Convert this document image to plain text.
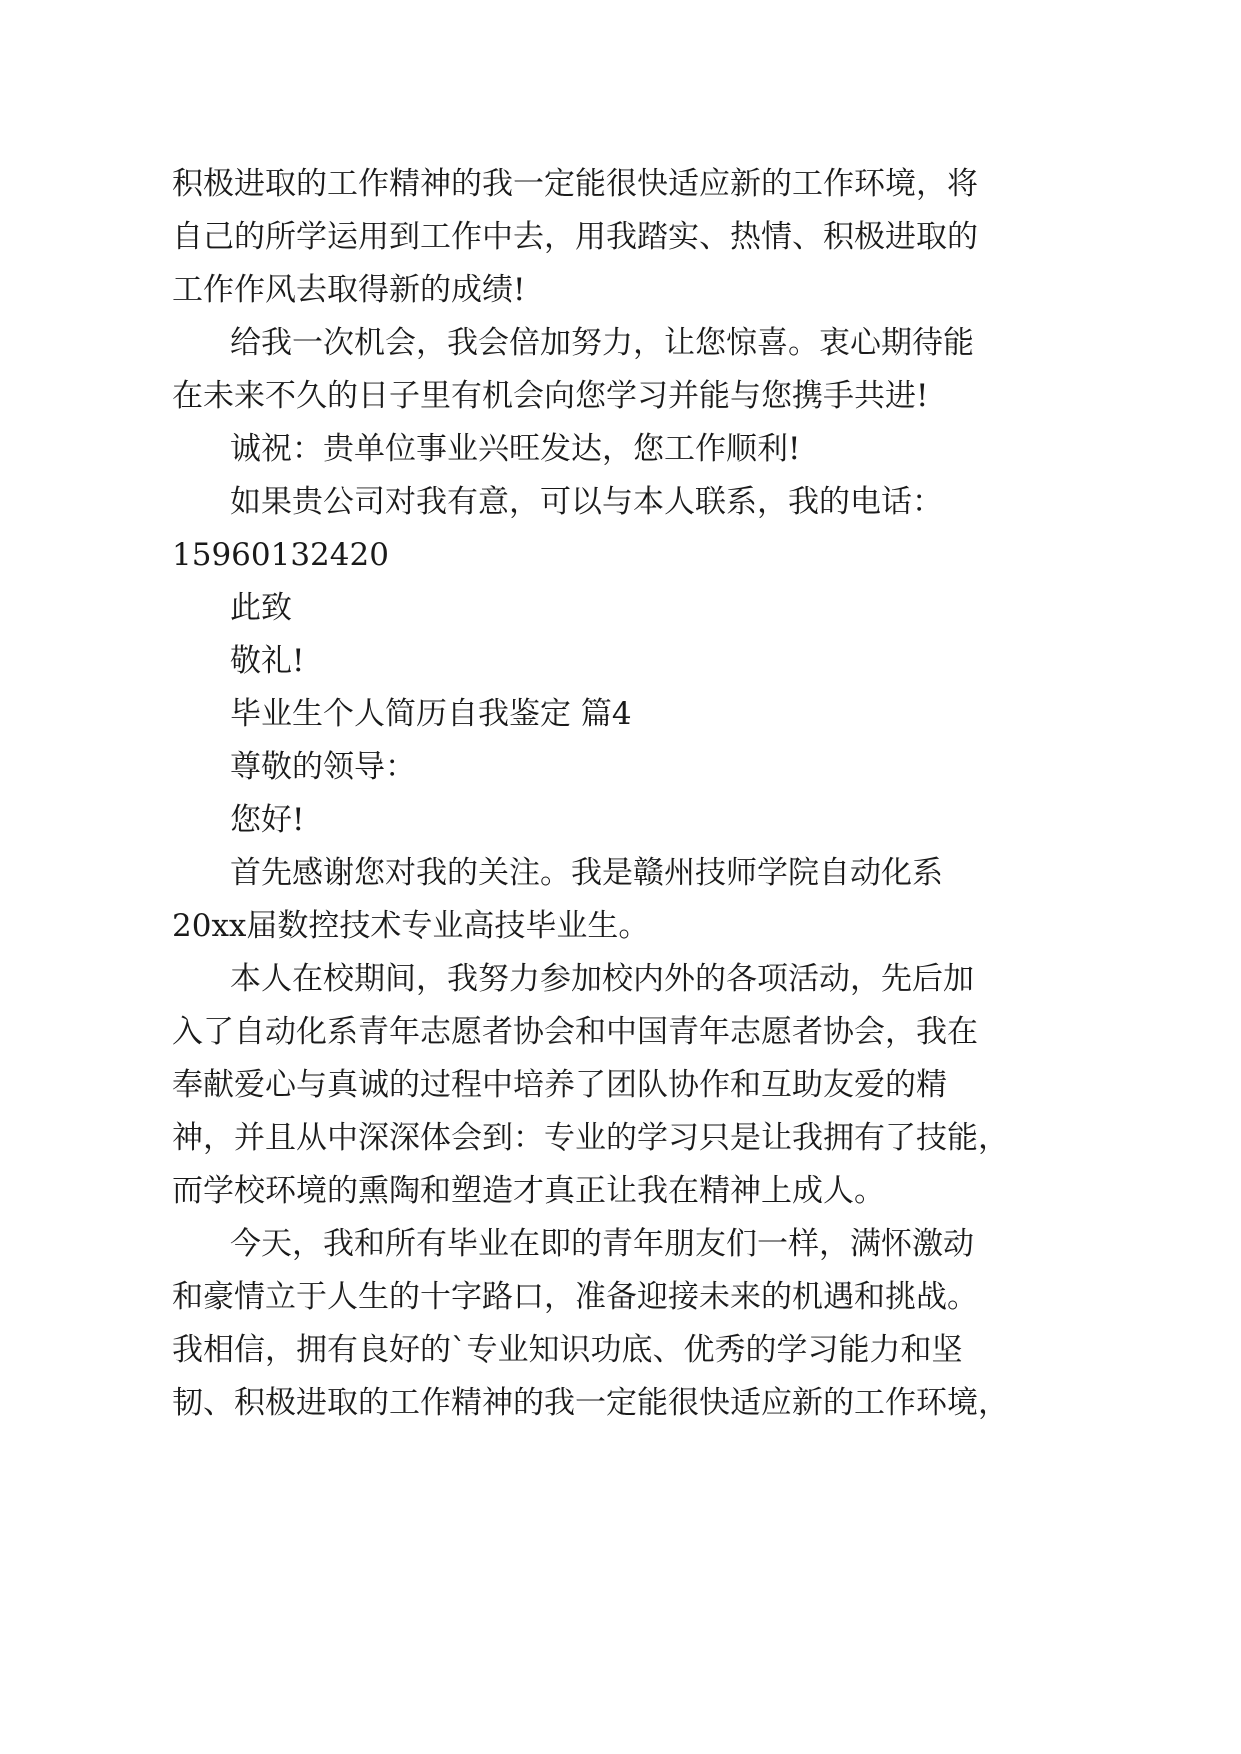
积极进取的工作精神的我一定能很快适应新的工作环境，将
自己的所学运用到工作中去，用我踏实、热情、积极进取的
工作作风去取得新的成绩!
给我一次机会，我会倍加努力，让您惊喜。衷心期待能
在未来不久的日子里有机会向您学习并能与您携手共进!
诚祝：贵单位事业兴旺发达，您工作顺利!
如果贵公司对我有意，可以与本人联系，我的电话：
15960132420
此致
敬礼!
毕业生个人简历自我鉴定 篇4
尊敬的领导：
您好!
首先感谢您对我的关注。我是赣州技师学院自动化系
20xx届数控技术专业高技毕业生。
本人在校期间，我努力参加校内外的各项活动，先后加
入了自动化系青年志愿者协会和中国青年志愿者协会，我在
奉献爱心与真诚的过程中培养了团队协作和互助友爱的精
神，并且从中深深体会到：专业的学习只是让我拥有了技能，
而学校环境的熏陶和塑造才真正让我在精神上成人。
今天，我和所有毕业在即的青年朋友们一样，满怀激动
和豪情立于人生的十字路口，准备迎接未来的机遇和挑战。
我相信，拥有良好的`专业知识功底、优秀的学习能力和坚
韧、积极进取的工作精神的我一定能很快适应新的工作环境，
